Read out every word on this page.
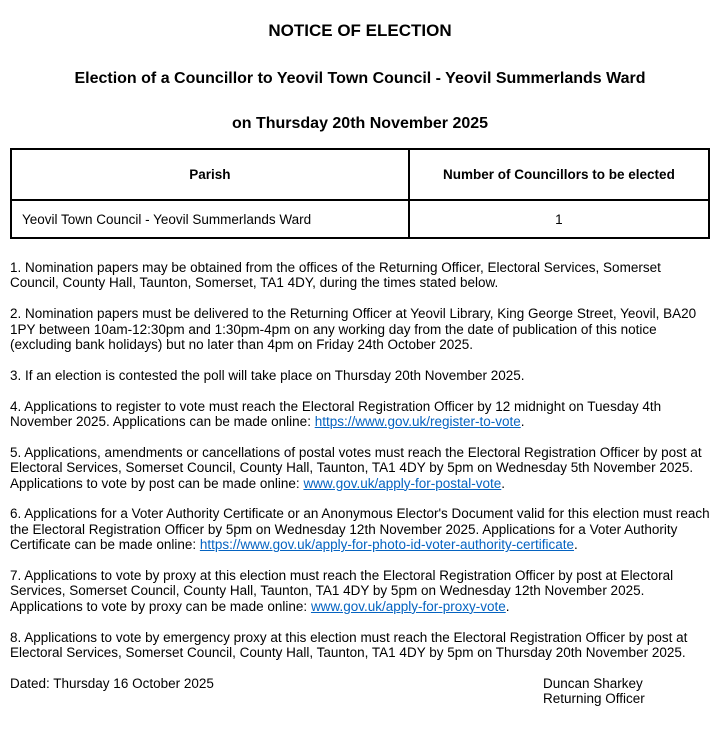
NOTICE OF ELECTION
Election of a Councillor to Yeovil Town Council - Yeovil Summerlands Ward
on Thursday 20th November 2025
Parish	Number of Councillors to be elected
Yeovil Town Council - Yeovil Summerlands Ward	1

1. Nomination papers may be obtained from the offices of the Returning Officer, Electoral Services, Somerset Council, County Hall, Taunton, Somerset, TA1 4DY, during the times stated below.

2. Nomination papers must be delivered to the Returning Officer at Yeovil Library, King George Street, Yeovil, BA20 1PY between 10am-12:30pm and 1:30pm-4pm on any working day from the date of publication of this notice (excluding bank holidays) but no later than 4pm on Friday 24th October 2025.

3. If an election is contested the poll will take place on Thursday 20th November 2025.

4. Applications to register to vote must reach the Electoral Registration Officer by 12 midnight on Tuesday 4th November 2025. Applications can be made online: https://www.gov.uk/register-to-vote.

5. Applications, amendments or cancellations of postal votes must reach the Electoral Registration Officer by post at Electoral Services, Somerset Council, County Hall, Taunton, TA1 4DY by 5pm on Wednesday 5th November 2025. Applications to vote by post can be made online: www.gov.uk/apply-for-postal-vote.

6. Applications for a Voter Authority Certificate or an Anonymous Elector's Document valid for this election must reach the Electoral Registration Officer by 5pm on Wednesday 12th November 2025. Applications for a Voter Authority Certificate can be made online: https://www.gov.uk/apply-for-photo-id-voter-authority-certificate.

7. Applications to vote by proxy at this election must reach the Electoral Registration Officer by post at Electoral Services, Somerset Council, County Hall, Taunton, TA1 4DY by 5pm on Wednesday 12th November 2025. Applications to vote by proxy can be made online: www.gov.uk/apply-for-proxy-vote.

8. Applications to vote by emergency proxy at this election must reach the Electoral Registration Officer by post at Electoral Services, Somerset Council, County Hall, Taunton, TA1 4DY by 5pm on Thursday 20th November 2025.

Dated: Thursday 16 October 2025	Duncan Sharkey
Returning Officer
